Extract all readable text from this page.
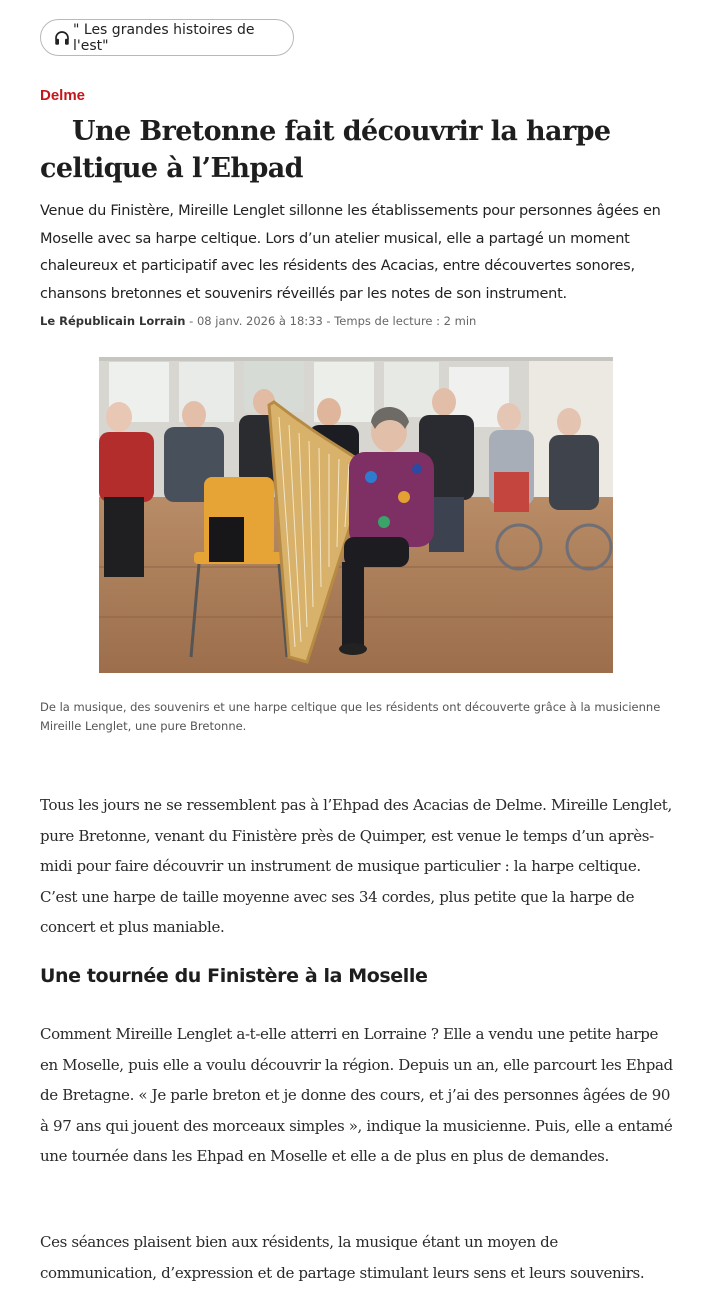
" Les grandes histoires de l'est"
Delme
Une Bretonne fait découvrir la harpe celtique à l’Ehpad

Venue du Finistère, Mireille Lenglet sillonne les établissements pour personnes âgées en Moselle avec sa harpe celtique. Lors d’un atelier musical, elle a partagé un moment chaleureux et participatif avec les résidents des Acacias, entre découvertes sonores, chansons bretonnes et souvenirs réveillés par les notes de son instrument.

Le Républicain Lorrain - 08 janv. 2026 à 18:33 - Temps de lecture : 2 min

De la musique, des souvenirs et une harpe celtique que les résidents ont découverte grâce à la musicienne Mireille Lenglet, une pure Bretonne.

Tous les jours ne se ressemblent pas à l’Ehpad des Acacias de Delme. Mireille Lenglet, pure Bretonne, venant du Finistère près de Quimper, est venue le temps d’un après-midi pour faire découvrir un instrument de musique particulier : la harpe celtique. C’est une harpe de taille moyenne avec ses 34 cordes, plus petite que la harpe de concert et plus maniable.

Une tournée du Finistère à la Moselle

Comment Mireille Lenglet a-t-elle atterri en Lorraine ? Elle a vendu une petite harpe en Moselle, puis elle a voulu découvrir la région. Depuis un an, elle parcourt les Ehpad de Bretagne. « Je parle breton et je donne des cours, et j’ai des personnes âgées de 90 à 97 ans qui jouent des morceaux simples », indique la musicienne. Puis, elle a entamé une tournée dans les Ehpad en Moselle et elle a de plus en plus de demandes.

Ces séances plaisent bien aux résidents, la musique étant un moyen de communication, d’expression et de partage stimulant leurs sens et leurs souvenirs.
